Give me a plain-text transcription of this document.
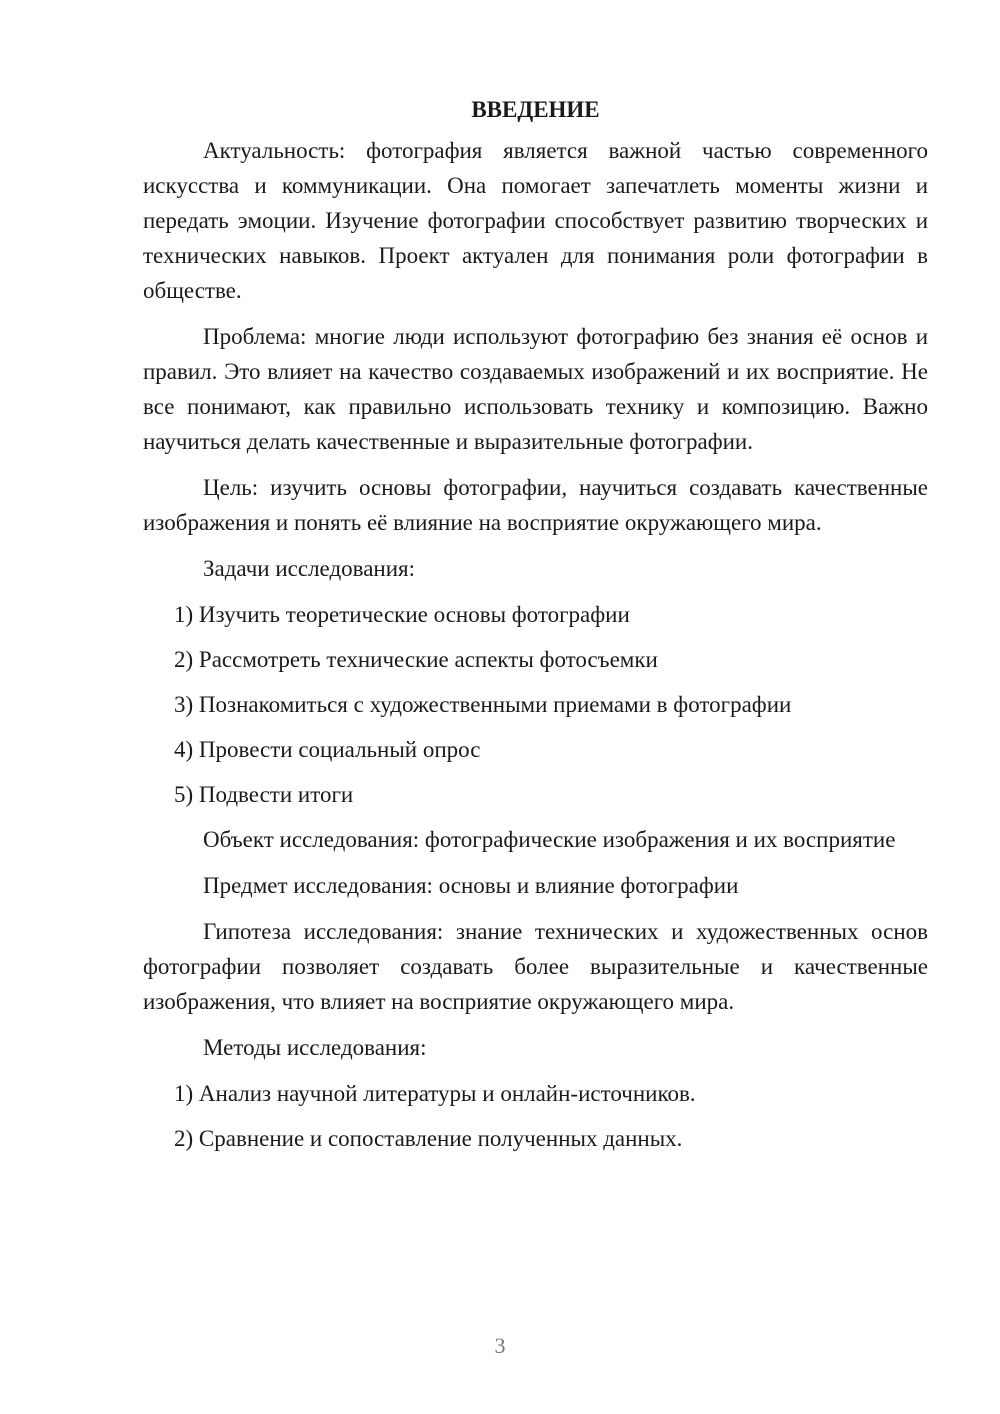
ВВЕДЕНИЕ

Актуальность: фотография является важной частью современного искусства и коммуникации. Она помогает запечатлеть моменты жизни и передать эмоции. Изучение фотографии способствует развитию творческих и технических навыков. Проект актуален для понимания роли фотографии в обществе.

Проблема: многие люди используют фотографию без знания её основ и правил. Это влияет на качество создаваемых изображений и их восприятие. Не все понимают, как правильно использовать технику и композицию. Важно научиться делать качественные и выразительные фотографии.

Цель: изучить основы фотографии, научиться создавать качественные изображения и понять её влияние на восприятие окружающего мира.

Задачи исследования:

1) Изучить теоретические основы фотографии
2) Рассмотреть технические аспекты фотосъемки
3) Познакомиться с художественными приемами в фотографии
4) Провести социальный опрос
5) Подвести итоги

Объект исследования: фотографические изображения и их восприятие

Предмет исследования: основы и влияние фотографии

Гипотеза исследования: знание технических и художественных основ фотографии позволяет создавать более выразительные и качественные изображения, что влияет на восприятие окружающего мира.

Методы исследования:

1) Анализ научной литературы и онлайн-источников.
2) Сравнение и сопоставление полученных данных.
3
